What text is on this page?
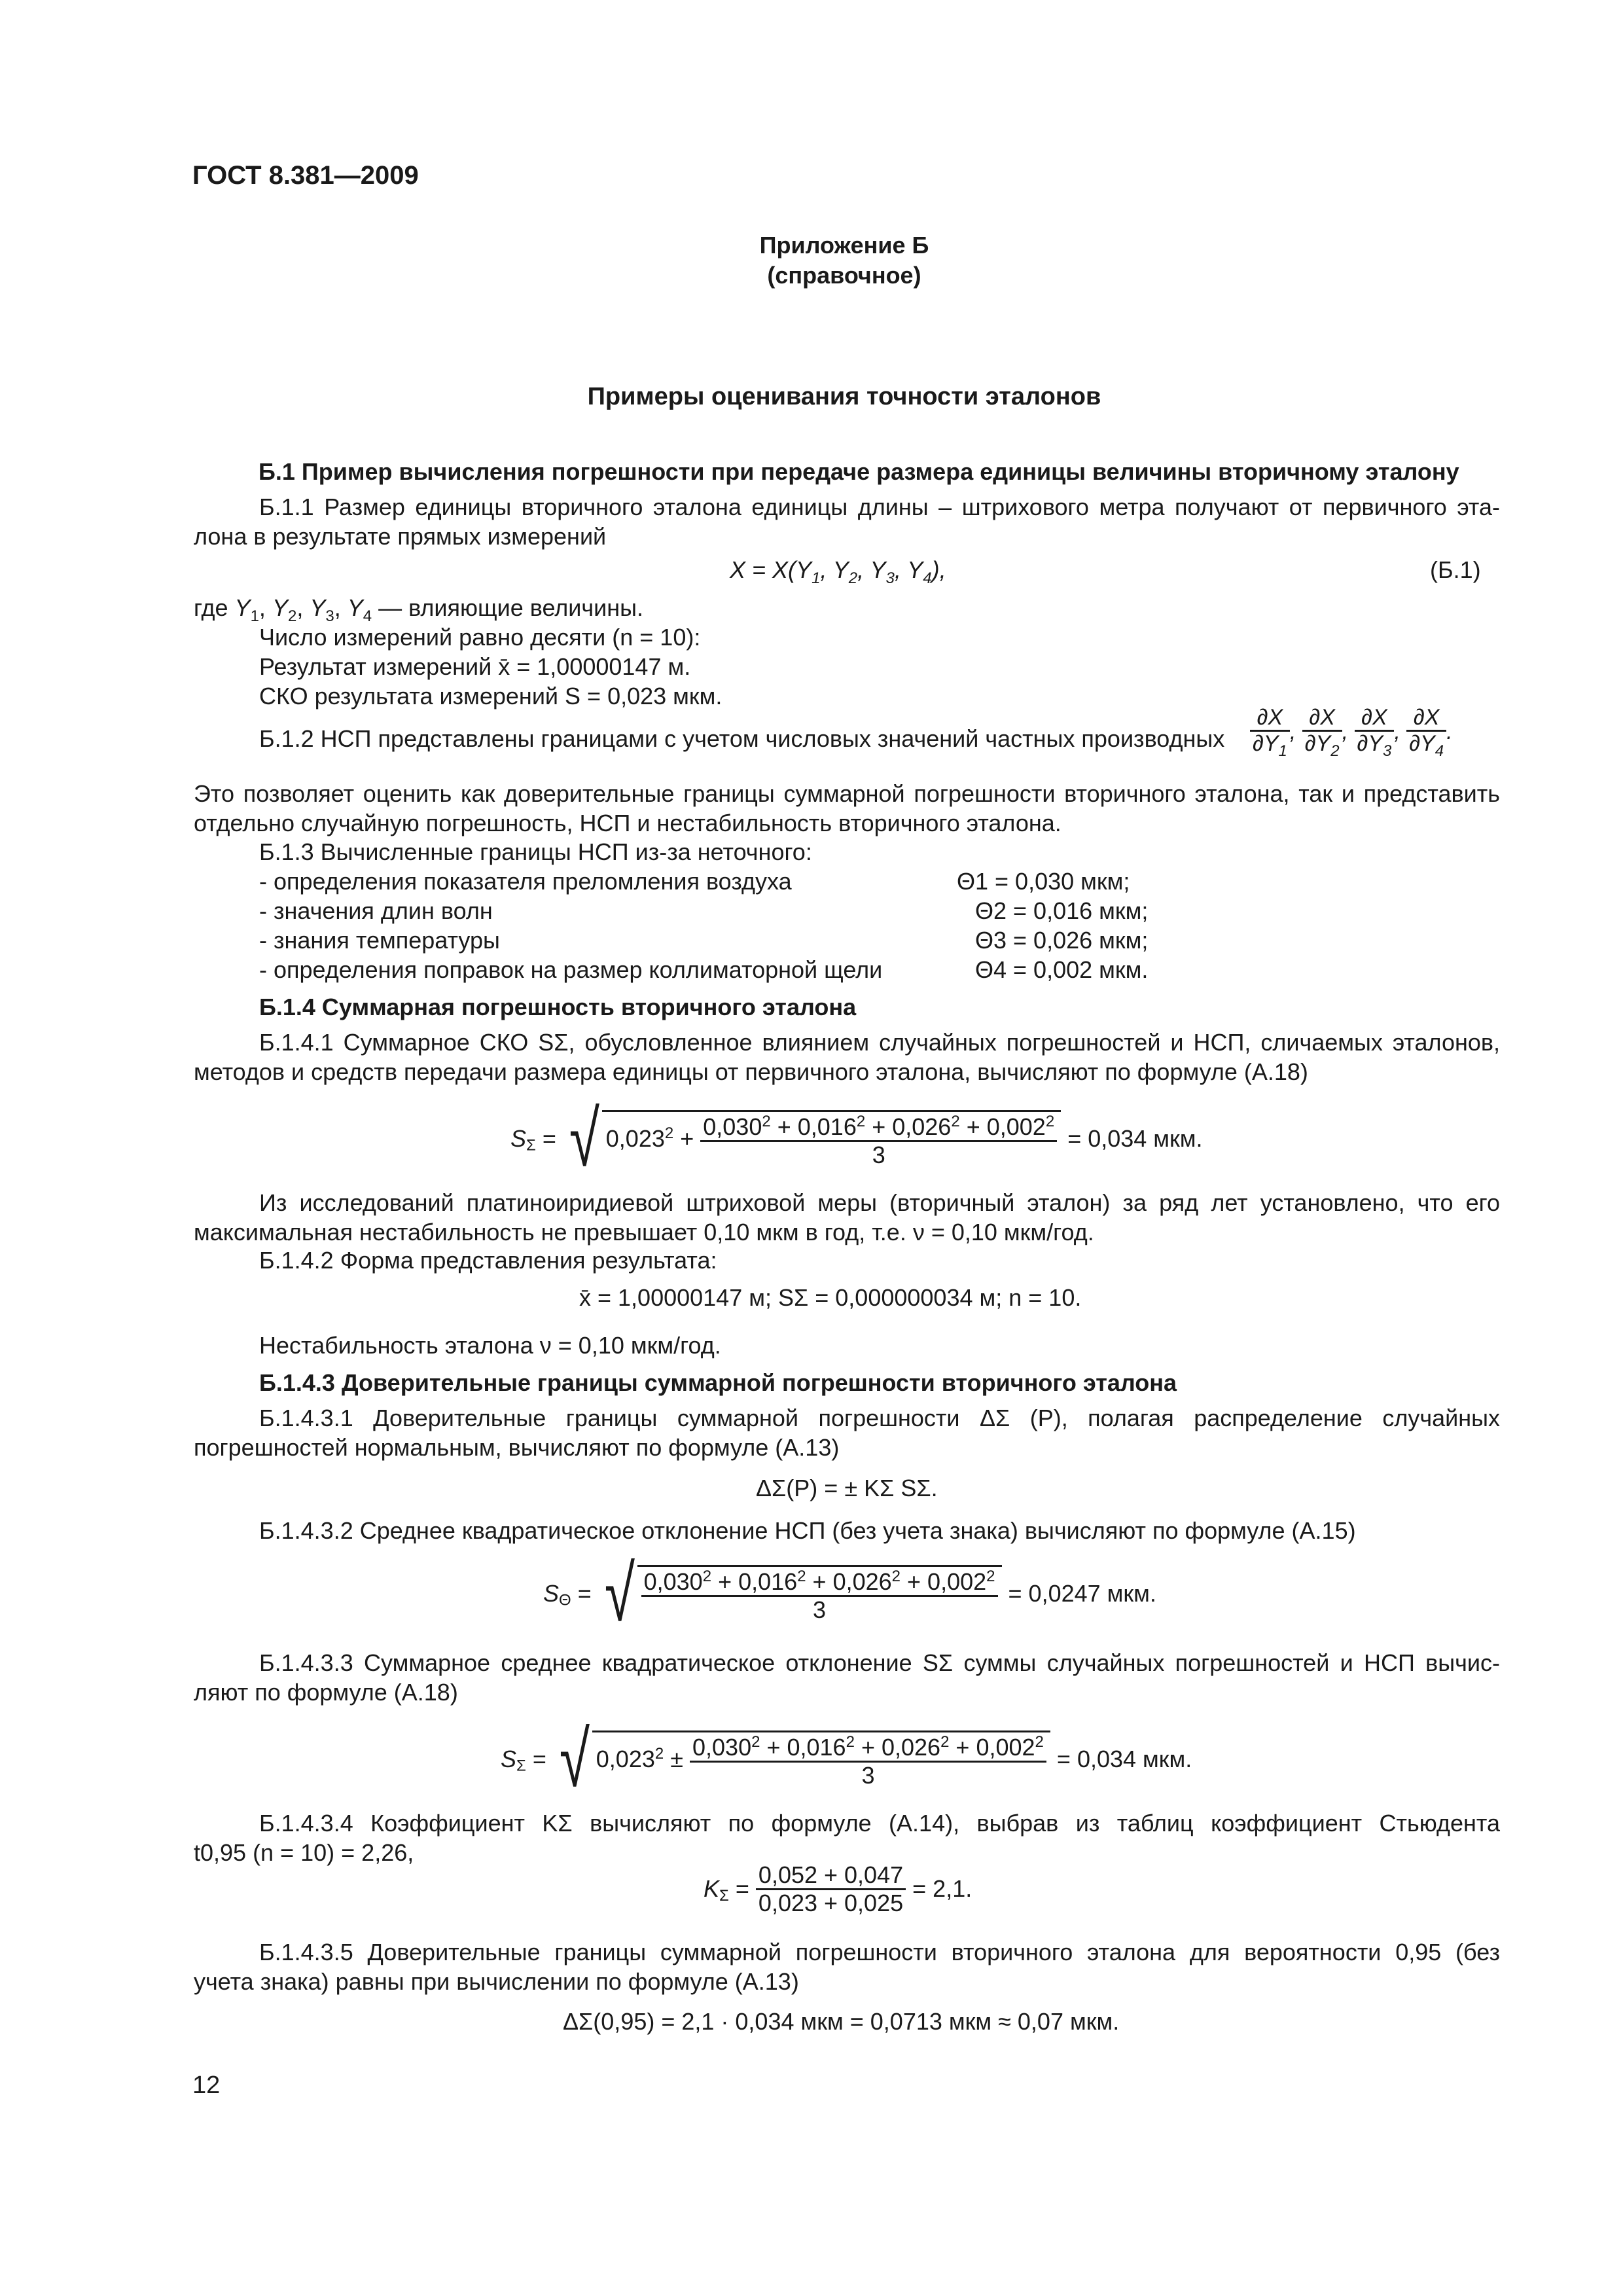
ГОСТ 8.381—2009
Приложение Б
(справочное)
Примеры оценивания точности эталонов
Б.1 Пример вычисления погрешности при передаче размера единицы величины вторичному эталону
Б.1.1 Размер единицы вторичного эталона единицы длины – штрихового метра получают от первичного эта-
лона в результате прямых измерений
$X = X(Y_1$, $Y_2$, $Y_3$, $Y_4$),	(Б.1)
где $Y_1$, $Y_2$, $Y_3$, $Y_4$ — влияющие величины.
Число измерений равно десяти (n = 10):
Результат измерений x̄ = 1,00000147 м.
СКО результата измерений S = 0,023 мкм.
Б.1.2 НСП представлены границами с учетом числовых значений частных производных $\frac{\partial X}{\partial Y_1}$ , $\frac{\partial X}{\partial Y_2}$ , $\frac{\partial X}{\partial Y_3}$ , $\frac{\partial X}{\partial Y_4}$ .
Это позволяет оценить как доверительные границы суммарной погрешности вторичного эталона, так и представить
отдельно случайную погрешность, НСП и нестабильность вторичного эталона.
Б.1.3 Вычисленные границы НСП из-за неточного:
- определения показателя преломления воздуха	Θ1 = 0,030 мкм;
- значения длин волн	Θ2 = 0,016 мкм;
- знания температуры	Θ3 = 0,026 мкм;
- определения поправок на размер коллиматорной щели	Θ4 = 0,002 мкм.
Б.1.4 Суммарная погрешность вторичного эталона
Б.1.4.1 Суммарное СКО SΣ, обусловленное влиянием случайных погрешностей и НСП, сличаемых эталонов,
методов и средств передачи размера единицы от первичного эталона, вычисляют по формуле (А.18)
$S_\Sigma$ = √ $0,023^2 + \frac{0,030^2 + 0,016^2 + 0,026^2 + 0,002^2}{3} = 0,034$ мкм.
Из исследований платиноиридиевой штриховой меры (вторичный эталон) за ряд лет установлено, что его
максимальная нестабильность не превышает 0,10 мкм в год, т.е. ν = 0,10 мкм/год.
Б.1.4.2 Форма представления результата:
x̄ = 1,00000147 м; SΣ = 0,000000034 м; n = 10.
Нестабильность эталона ν = 0,10 мкм/год.
Б.1.4.3 Доверительные границы суммарной погрешности вторичного эталона
Б.1.4.3.1 Доверительные границы суммарной погрешности ΔΣ (P), полагая распределение случайных
погрешностей нормальным, вычисляют по формуле (А.13)
ΔΣ(P) = ± KΣ SΣ.
Б.1.4.3.2 Среднее квадратическое отклонение НСП (без учета знака) вычисляют по формуле (А.15)
$S_\Theta$ = √ $\frac{0,030^2 + 0,016^2 + 0,026^2 + 0,002^2}{3} = 0,0247$ мкм.
Б.1.4.3.3 Суммарное среднее квадратическое отклонение SΣ суммы случайных погрешностей и НСП вычис-
ляют по формуле (А.18)
$S_\Sigma$ = √ $0,023^2 \pm \frac{0,030^2 + 0,016^2 + 0,026^2 + 0,002^2}{3} = 0,034$ мкм.
Б.1.4.3.4 Коэффициент KΣ вычисляют по формуле (А.14), выбрав из таблиц коэффициент Стьюдента
t0,95 (n = 10) = 2,26,
$K_\Sigma = \frac{0,052 + 0,047}{0,023 + 0,025} = 2,1$.
Б.1.4.3.5 Доверительные границы суммарной погрешности вторичного эталона для вероятности 0,95 (без
учета знака) равны при вычислении по формуле (А.13)
ΔΣ(0,95) = 2,1 · 0,034 мкм = 0,0713 мкм ≈ 0,07 мкм.
12
